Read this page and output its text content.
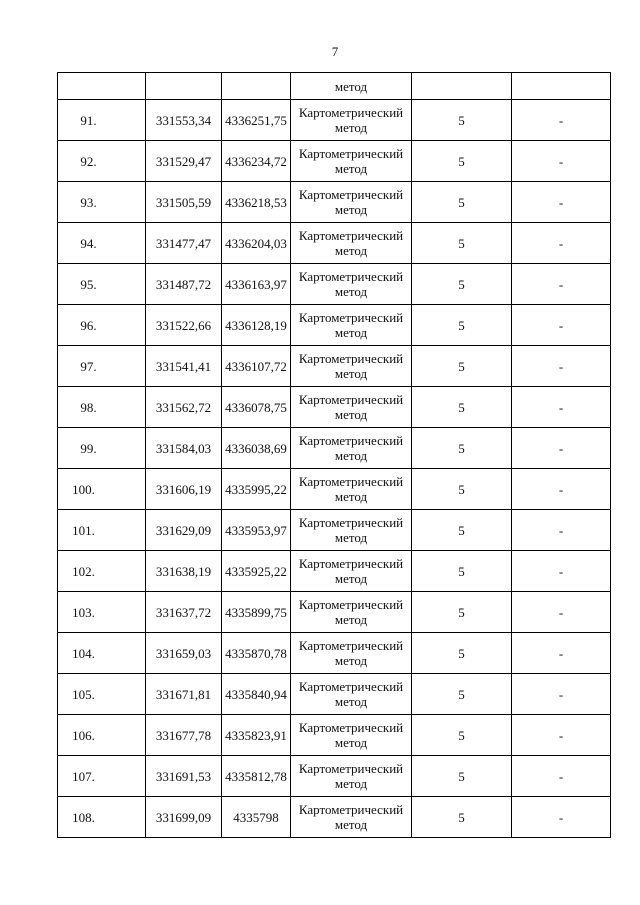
7
			метод		
91.	331553,34	4336251,75	Картометрический метод	5	-
92.	331529,47	4336234,72	Картометрический метод	5	-
93.	331505,59	4336218,53	Картометрический метод	5	-
94.	331477,47	4336204,03	Картометрический метод	5	-
95.	331487,72	4336163,97	Картометрический метод	5	-
96.	331522,66	4336128,19	Картометрический метод	5	-
97.	331541,41	4336107,72	Картометрический метод	5	-
98.	331562,72	4336078,75	Картометрический метод	5	-
99.	331584,03	4336038,69	Картометрический метод	5	-
100.	331606,19	4335995,22	Картометрический метод	5	-
101.	331629,09	4335953,97	Картометрический метод	5	-
102.	331638,19	4335925,22	Картометрический метод	5	-
103.	331637,72	4335899,75	Картометрический метод	5	-
104.	331659,03	4335870,78	Картометрический метод	5	-
105.	331671,81	4335840,94	Картометрический метод	5	-
106.	331677,78	4335823,91	Картометрический метод	5	-
107.	331691,53	4335812,78	Картометрический метод	5	-
108.	331699,09	4335798	Картометрический метод	5	-
